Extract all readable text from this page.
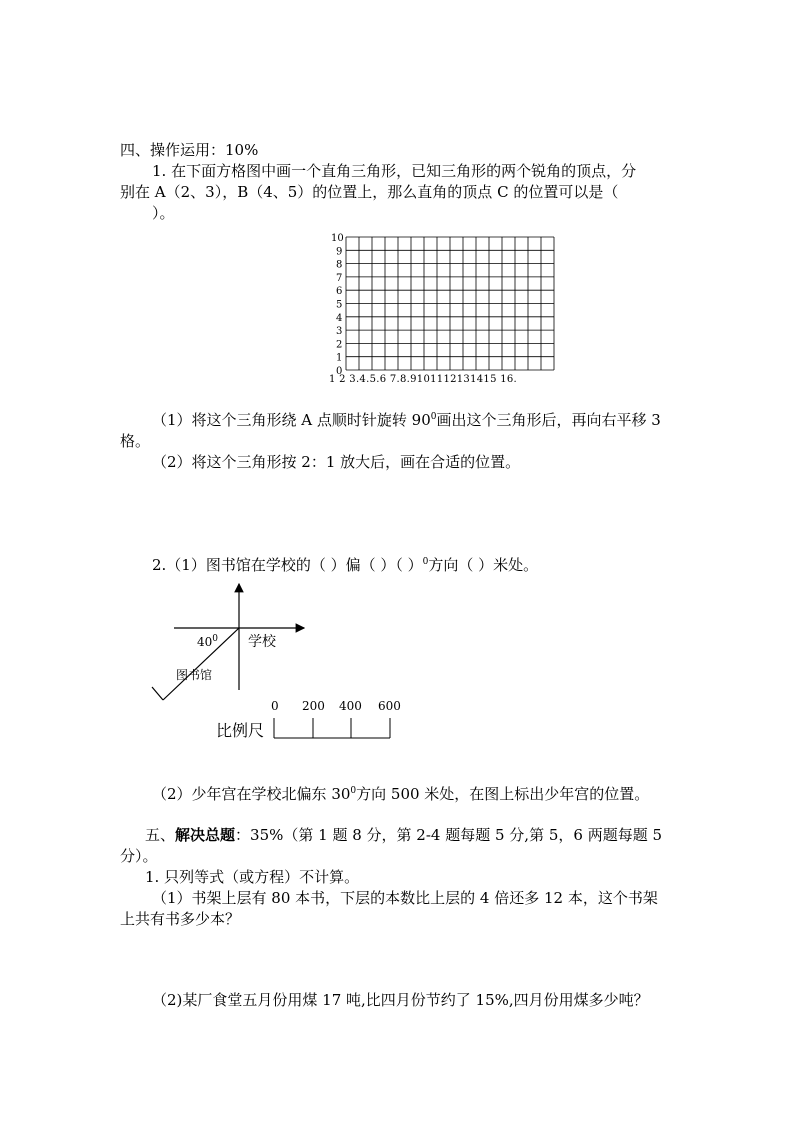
四、操作运用：10%
1. 在下面方格图中画一个直角三角形，已知三角形的两个锐角的顶点，分
别在 A（2、3），B（4、5）的位置上，那么直角的顶点 C 的位置可以是（
）。
0
1
2
3
4
5
6
7
8
9
10
1 2 3.4.5.6 7.8.9101112131415 16.
（1）将这个三角形绕 A 点顺时针旋转 $90^0$画出这个三角形后，再向右平移 3
格。
（2）将这个三角形按 2：1 放大后，画在合适的位置。
2.（1）图书馆在学校的（ ）偏（ ）（ ）$^0$方向（ ）米处。
$40^0$ 学校
图书馆
0 200 400 600
比例尺
（2）少年宫在学校北偏东 $30^0$方向 500 米处，在图上标出少年宫的位置。
五、解决总题：35%（第 1 题 8 分，第 2-4 题每题 5 分,第 5，6 两题每题 5
分）。
1. 只列等式（或方程）不计算。
（1）书架上层有 80 本书，下层的本数比上层的 4 倍还多 12 本，这个书架
上共有书多少本？
（2)某厂食堂五月份用煤 17 吨,比四月份节约了 15%,四月份用煤多少吨？
